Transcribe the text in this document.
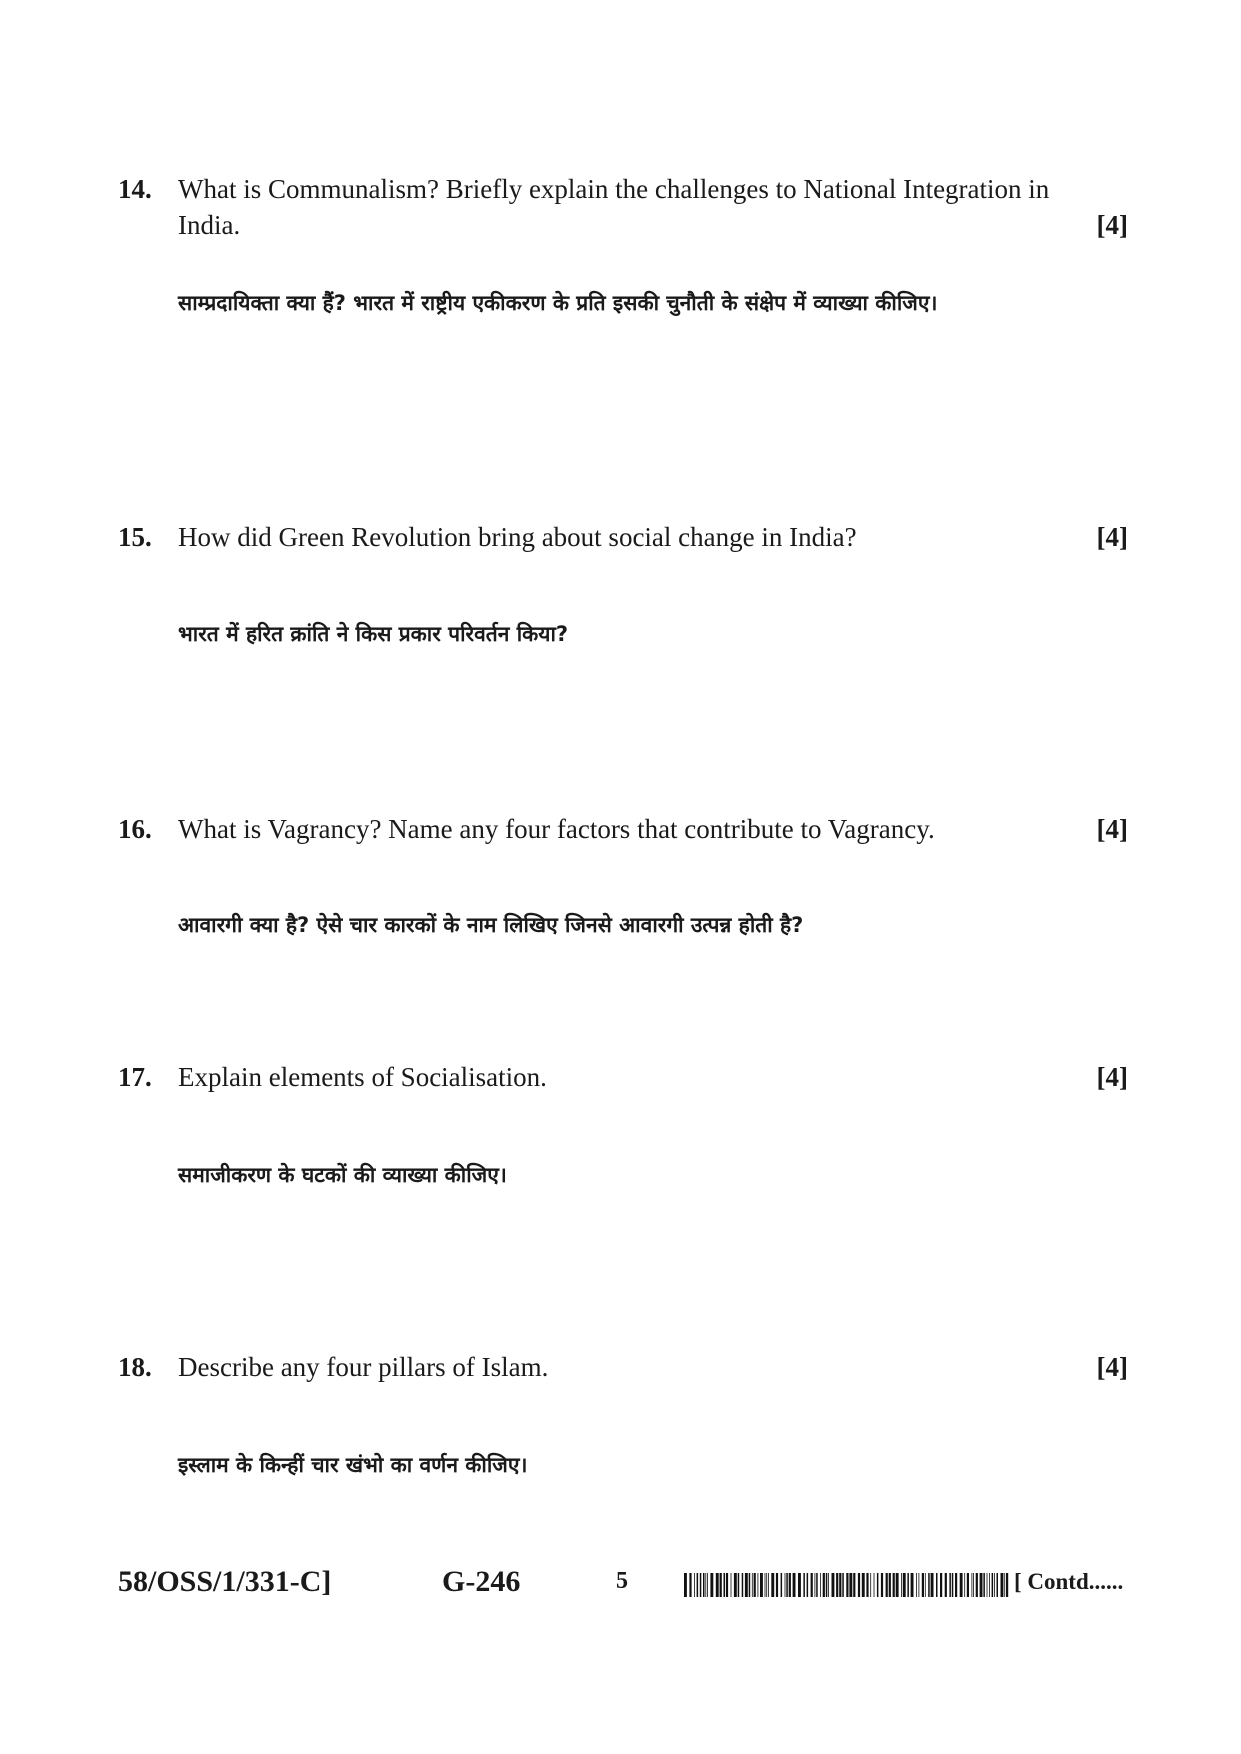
14. What is Communalism? Briefly explain the challenges to National Integration in India.	[4]
साम्प्रदायिक्ता क्या हैं? भारत में राष्ट्रीय एकीकरण के प्रति इसकी चुनौती के संक्षेप में व्याख्या कीजिए।
15. How did Green Revolution bring about social change in India?	[4]
भारत में हरित क्रांति ने किस प्रकार परिवर्तन किया?
16. What is Vagrancy? Name any four factors that contribute to Vagrancy.	[4]
आवारगी क्या है? ऐसे चार कारकों के नाम लिखिए जिनसे आवारगी उत्पन्न होती है?
17. Explain elements of Socialisation.	[4]
समाजीकरण के घटकों की व्याख्या कीजिए।
18. Describe any four pillars of Islam.	[4]
इस्लाम के किन्हीं चार खंभो का वर्णन कीजिए।
58/OSS/1/331-C]	G-246	5	[ Contd......
